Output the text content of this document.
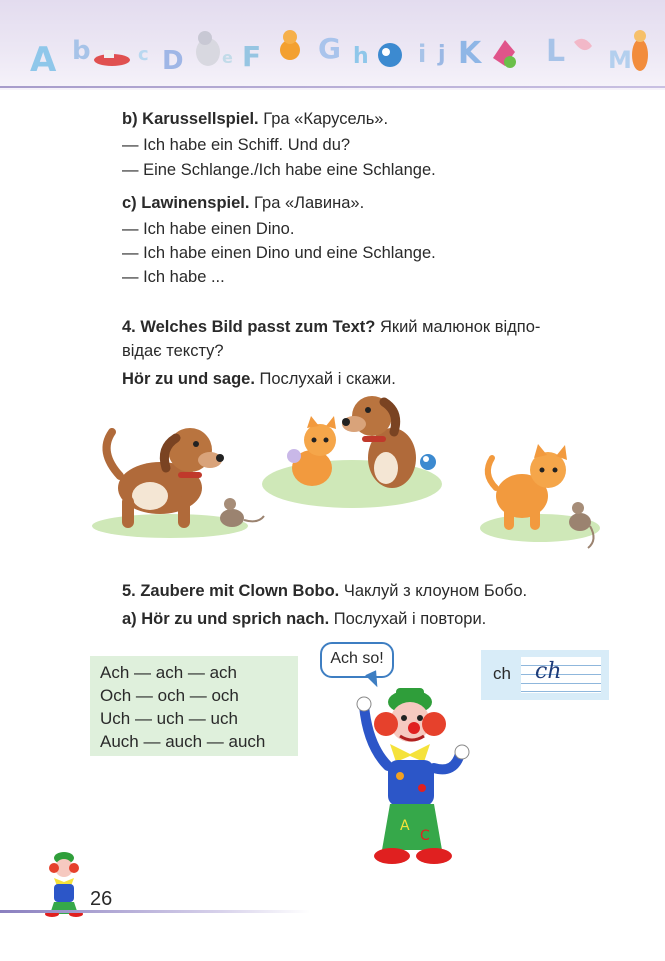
A b	c D e F G h i j K L M
b) Karussellspiel. Гра «Карусель».
— Ich habe ein Schiff. Und du?
— Eine Schlange./Ich habe eine Schlange.
c) Lawinenspiel. Гра «Лавина».
— Ich habe einen Dino.
— Ich habe einen Dino und eine Schlange.
— Ich habe ...
4. Welches Bild passt zum Text? Який малюнок відпо-
відає тексту?
Hör zu und sage. Послухай і скажи.
5. Zaubere mit Clown Bobo. Чаклуй з клоуном Бобо.
a) Hör zu und sprich nach. Послухай і повтори.
Ach — ach — ach
Och — och — och
Uch — uch — uch
Auch — auch — auch
Ach so!
A
C
ch ch
26
